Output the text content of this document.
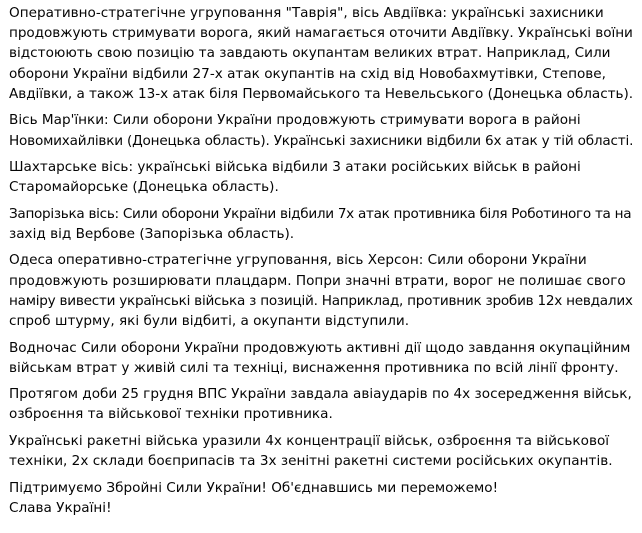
Оперативно-стратегічне угруповання "Таврія", вісь Авдіївка: українські захисники
продовжують стримувати ворога, який намагається оточити Авдіївку. Українські воїни
відстоюють свою позицію та завдають окупантам великих втрат. Наприклад, Сили
оборони України відбили 27-х атак окупантів на схід від Новобахмутівки, Степове,
Авдіївки, а також 13-х атак біля Первомайського та Невельського (Донецька область).
Вісь Мар'їнки: Сили оборони України продовжують стримувати ворога в районі
Новомихайлівки (Донецька область). Українські захисники відбили 6х атак у тій області.
Шахтарське вісь: українські війська відбили 3 атаки російських військ в районі
Старомайорське (Донецька область).
Запорізька вісь: Сили оборони України відбили 7х атак противника біля Роботиного та на
захід від Вербове (Запорізька область).
Одеса оперативно-стратегічне угруповання, вісь Херсон: Сили оборони України
продовжують розширювати плацдарм. Попри значні втрати, ворог не полишає свого
наміру вивести українські війська з позицій. Наприклад, противник зробив 12х невдалих
спроб штурму, які були відбиті, а окупанти відступили.
Водночас Сили оборони України продовжують активні дії щодо завдання окупаційним
військам втрат у живій силі та техніці, виснаження противника по всій лінії фронту.
Протягом доби 25 грудня ВПС України завдала авіаударів по 4х зосередження військ,
озброєння та військової техніки противника.
Українські ракетні війська уразили 4х концентрації військ, озброєння та військової
техніки, 2х склади боєприпасів та 3х зенітні ракетні системи російських окупантів.
Підтримуємо Збройні Сили України! Об'єднавшись ми переможемо!
Слава Україні!
